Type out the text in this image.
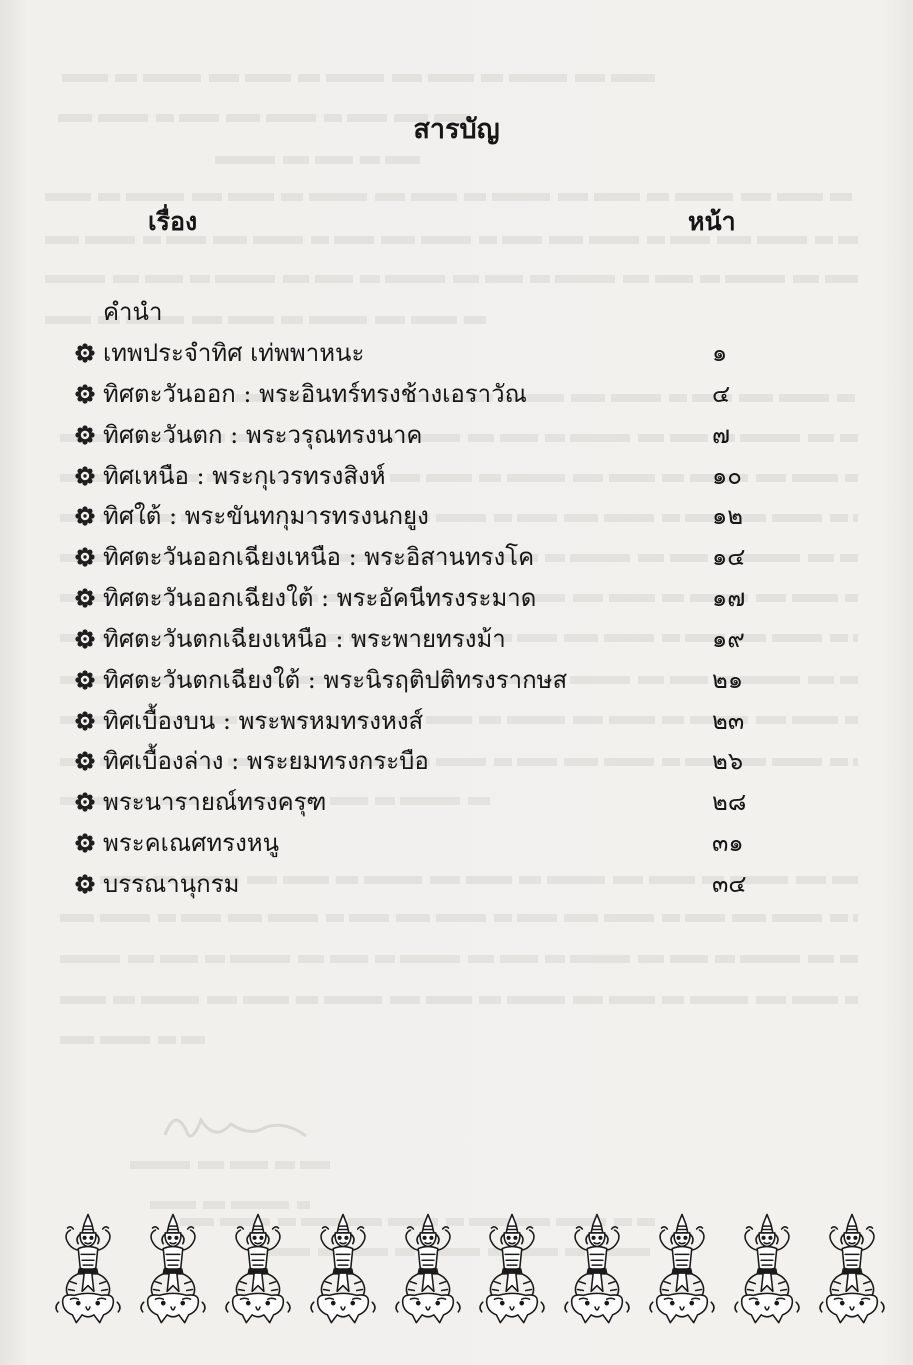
สารบัญ
เรื่อง	หน้า
คำนำ
เทพประจำทิศ เท่พพาหนะ	๑
ทิศตะวันออก : พระอินทร์ทรงช้างเอราวัณ	๔
ทิศตะวันตก : พระวรุณทรงนาค	๗
ทิศเหนือ : พระกุเวรทรงสิงห์	๑๐
ทิศใต้ : พระขันทกุมารทรงนกยูง	๑๒
ทิศตะวันออกเฉียงเหนือ : พระอิสานทรงโค	๑๔
ทิศตะวันออกเฉียงใต้ : พระอัคนีทรงระมาด	๑๗
ทิศตะวันตกเฉียงเหนือ : พระพายทรงม้า	๑๙
ทิศตะวันตกเฉียงใต้ : พระนิรฤติปติทรงรากษส	๒๑
ทิศเบื้องบน : พระพรหมทรงหงส์	๒๓
ทิศเบื้องล่าง : พระยมทรงกระบือ	๒๖
พระนารายณ์ทรงครุฑ	๒๘
พระคเณศทรงหนู	๓๑
บรรณานุกรม	๓๔
